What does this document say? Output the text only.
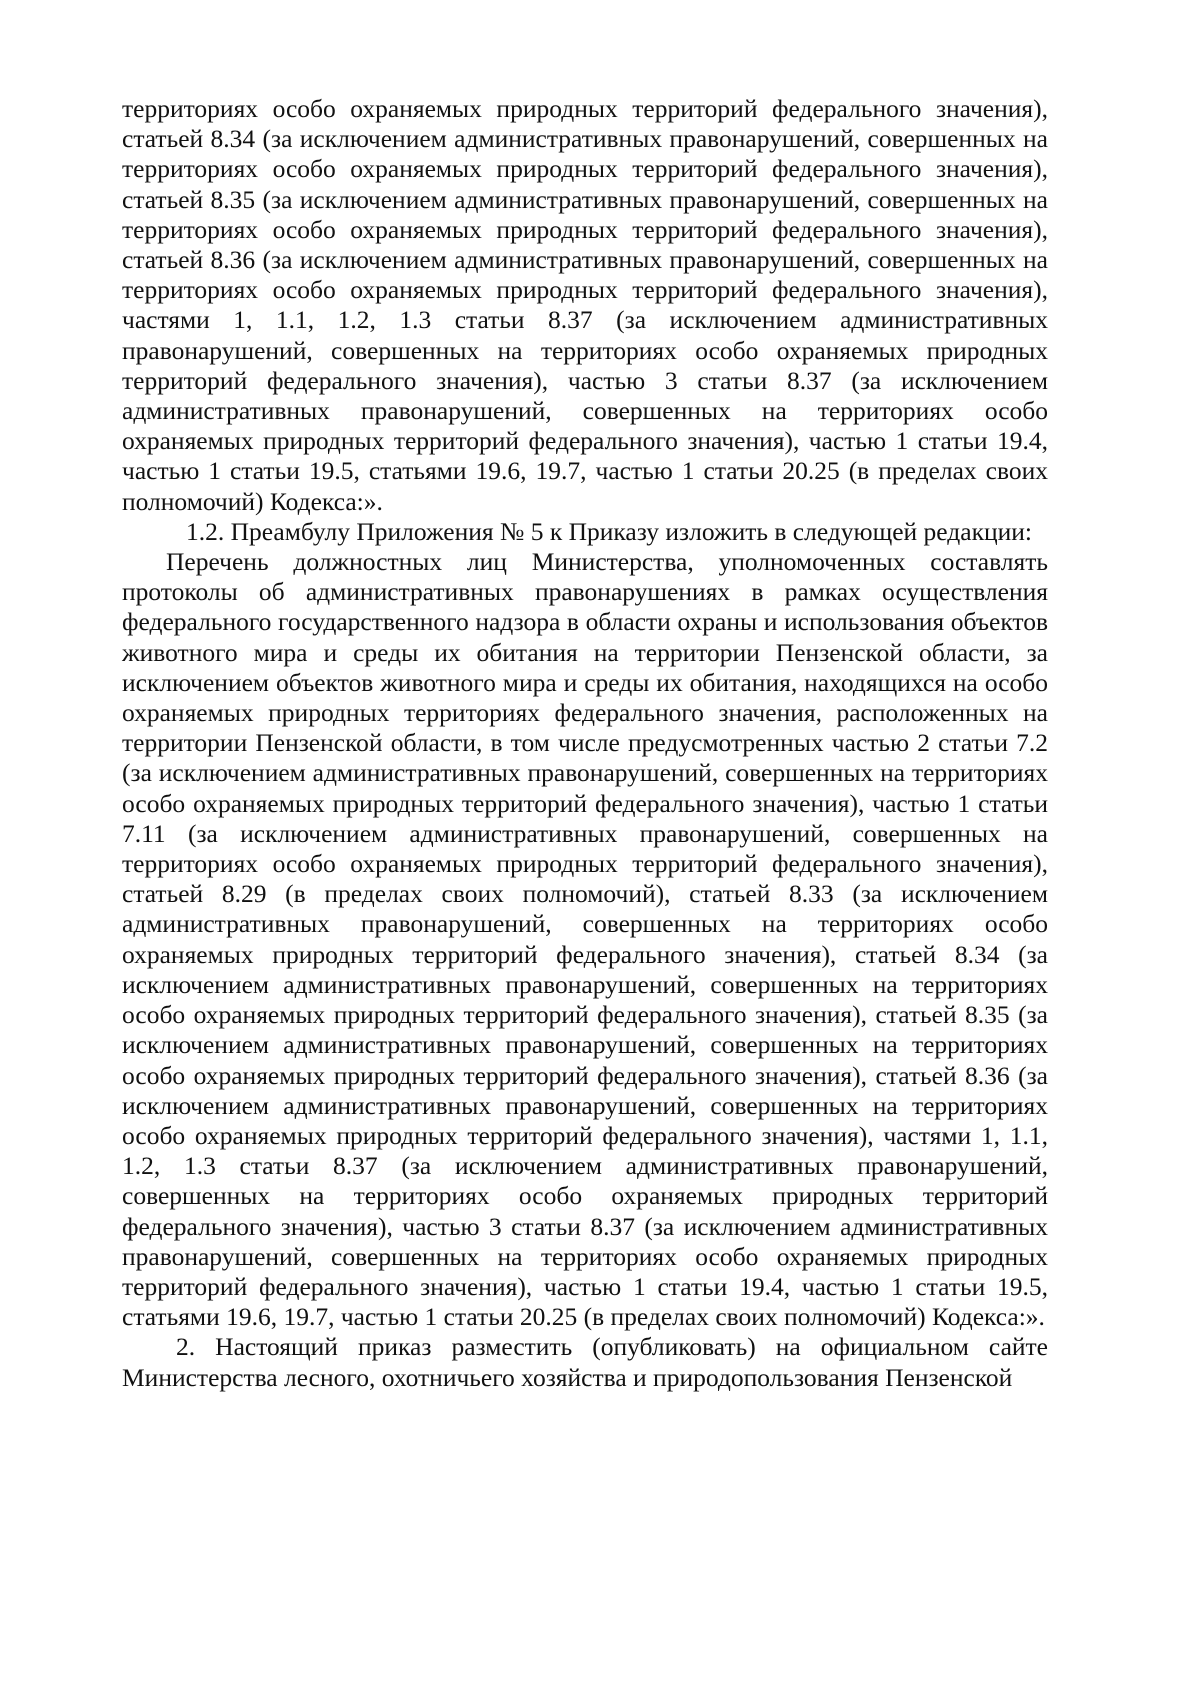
территориях особо охраняемых природных территорий федерального значения), статьей 8.34 (за исключением административных правонарушений, совершенных на территориях особо охраняемых природных территорий федерального значения), статьей 8.35 (за исключением административных правонарушений, совершенных на территориях особо охраняемых природных территорий федерального значения), статьей 8.36 (за исключением административных правонарушений, совершенных на территориях особо охраняемых природных территорий федерального значения), частями 1, 1.1, 1.2, 1.3 статьи 8.37 (за исключением административных правонарушений, совершенных на территориях особо охраняемых природных территорий федерального значения), частью 3 статьи 8.37 (за исключением административных правонарушений, совершенных на территориях особо охраняемых природных территорий федерального значения), частью 1 статьи 19.4, частью 1 статьи 19.5, статьями 19.6, 19.7, частью 1 статьи 20.25 (в пределах своих полномочий) Кодекса:».

1.2. Преамбулу Приложения № 5 к Приказу изложить в следующей редакции:

Перечень должностных лиц Министерства, уполномоченных составлять протоколы об административных правонарушениях в рамках осуществления федерального государственного надзора в области охраны и использования объектов животного мира и среды их обитания на территории Пензенской области, за исключением объектов животного мира и среды их обитания, находящихся на особо охраняемых природных территориях федерального значения, расположенных на территории Пензенской области, в том числе предусмотренных частью 2 статьи 7.2 (за исключением административных правонарушений, совершенных на территориях особо охраняемых природных территорий федерального значения), частью 1 статьи 7.11 (за исключением административных правонарушений, совершенных на территориях особо охраняемых природных территорий федерального значения), статьей 8.29 (в пределах своих полномочий), статьей 8.33 (за исключением административных правонарушений, совершенных на территориях особо охраняемых природных территорий федерального значения), статьей 8.34 (за исключением административных правонарушений, совершенных на территориях особо охраняемых природных территорий федерального значения), статьей 8.35 (за исключением административных правонарушений, совершенных на территориях особо охраняемых природных территорий федерального значения), статьей 8.36 (за исключением административных правонарушений, совершенных на территориях особо охраняемых природных территорий федерального значения), частями 1, 1.1, 1.2, 1.3 статьи 8.37 (за исключением административных правонарушений, совершенных на территориях особо охраняемых природных территорий федерального значения), частью 3 статьи 8.37 (за исключением административных правонарушений, совершенных на территориях особо охраняемых природных территорий федерального значения), частью 1 статьи 19.4, частью 1 статьи 19.5, статьями 19.6, 19.7, частью 1 статьи 20.25 (в пределах своих полномочий) Кодекса:».

2. Настоящий приказ разместить (опубликовать) на официальном сайте Министерства лесного, охотничьего хозяйства и природопользования Пензенской
